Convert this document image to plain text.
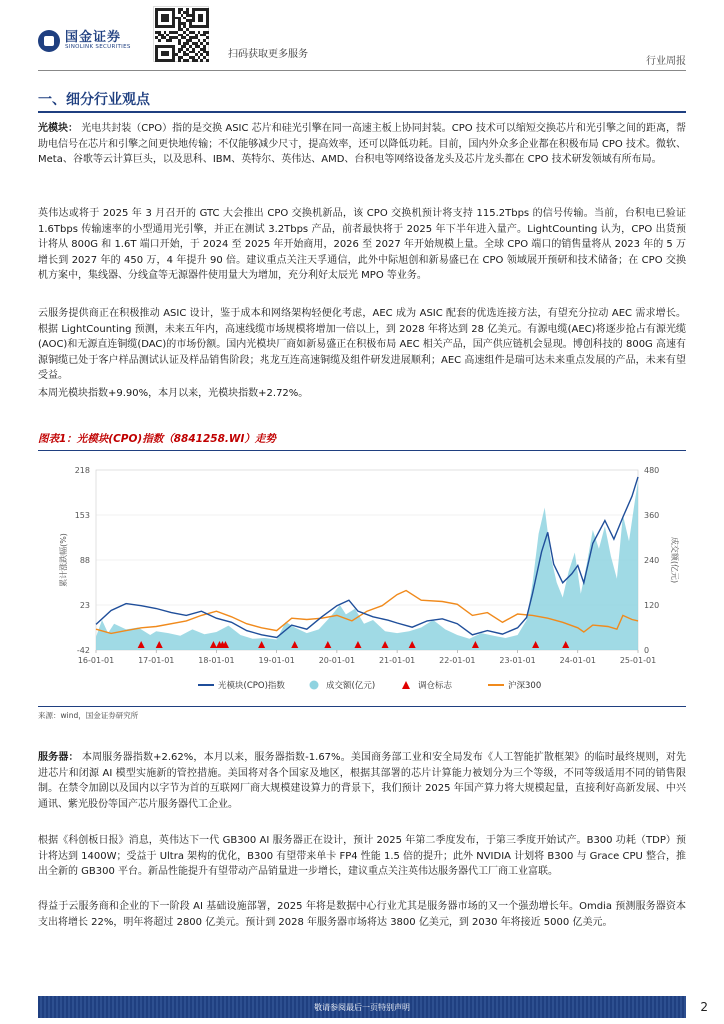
国金证券
SINOLINK SECURITIES
扫码获取更多服务
行业周报
一、细分行业观点
光模块： 光电共封装（CPO）指的是交换 ASIC 芯片和硅光引擎在同一高速主板上协同封装。CPO 技术可以缩短交换芯片和光引擎之间的距离，帮助电信号在芯片和引擎之间更快地传输；不仅能够减少尺寸，提高效率，还可以降低功耗。目前，国内外众多企业都在积极布局 CPO 技术。微软、Meta、谷歌等云计算巨头，以及思科、IBM、英特尔、英伟达、AMD、台积电等网络设备龙头及芯片龙头都在 CPO 技术研发领域有所布局。
英伟达或将于 2025 年 3 月召开的 GTC 大会推出 CPO 交换机新品，该 CPO 交换机预计将支持 115.2Tbps 的信号传输。当前，台积电已验证 1.6Tbps 传输速率的小型通用光引擎，并正在测试 3.2Tbps 产品，前者最快将于 2025 年下半年进入量产。LightCounting 认为，CPO 出货预计将从 800G 和 1.6T 端口开始，于 2024 至 2025 年开始商用，2026 至 2027 年开始规模上量。全球 CPO 端口的销售量将从 2023 年的 5 万增长到 2027 年的 450 万，4 年提升 90 倍。建议重点关注天孚通信，此外中际旭创和新易盛已在 CPO 领域展开预研和技术储备；在 CPO 交换机方案中，集线器、分线盒等无源器件使用量大为增加，充分利好太辰光 MPO 等业务。
云服务提供商正在积极推动 ASIC 设计，鉴于成本和网络架构轻便化考虑，AEC 成为 ASIC 配套的优选连接方法，有望充分拉动 AEC 需求增长。根据 LightCounting 预测，未来五年内，高速线缆市场规模将增加一倍以上，到 2028 年将达到 28 亿美元。有源电缆(AEC)将逐步抢占有源光缆(AOC)和无源直连铜缆(DAC)的市场份额。国内光模块厂商如新易盛正在积极布局 AEC 相关产品，国产供应链机会显现。博创科技的 800G 高速有源铜缆已处于客户样品测试认证及样品销售阶段；兆龙互连高速铜缆及组件研发进展顺利；AEC 高速组件是瑞可达未来重点发展的产品，未来有望受益。
本周光模块指数+9.90%，本月以来，光模块指数+2.72%。
图表1：光模块(CPO)指数（8841258.WI）走势
218
153
88
23
-42
480
360
240
120
0
累计涨跌幅(%)	成交额(亿元)
16-01-01	17-01-01	18-01-01	19-01-01	20-01-01	21-01-01	22-01-01	23-01-01	24-01-01	25-01-01
光模块(CPO)指数	成交额(亿元)	调仓标志	沪深300
来源：wind，国金证券研究所
服务器： 本周服务器指数+2.62%，本月以来，服务器指数-1.67%。美国商务部工业和安全局发布《人工智能扩散框架》的临时最终规则，对先进芯片和闭源 AI 模型实施新的管控措施。美国将对各个国家及地区，根据其部署的芯片计算能力被划分为三个等级，不同等级适用不同的销售限制。在禁令加剧以及国内以字节为首的互联网厂商大规模建设算力的背景下，我们预计 2025 年国产算力将大规模起量，直接利好高新发展、中兴通讯、紫光股份等国产芯片服务器代工企业。
根据《科创板日报》消息，英伟达下一代 GB300 AI 服务器正在设计，预计 2025 年第二季度发布，于第三季度开始试产。B300 功耗（TDP）预计将达到 1400W；受益于 Ultra 架构的优化，B300 有望带来单卡 FP4 性能 1.5 倍的提升；此外 NVIDIA 计划将 B300 与 Grace CPU 整合，推出全新的 GB300 平台。新品性能提升有望带动产品销量进一步增长，建议重点关注英伟达服务器代工厂商工业富联。
得益于云服务商和企业的下一阶段 AI 基础设施部署，2025 年将是数据中心行业尤其是服务器市场的又一个强劲增长年。Omdia 预测服务器资本支出将增长 22%，明年将超过 2800 亿美元。预计到 2028 年服务器市场将达 3800 亿美元，到 2030 年将接近 5000 亿美元。
敬请参阅最后一页特别声明	2
